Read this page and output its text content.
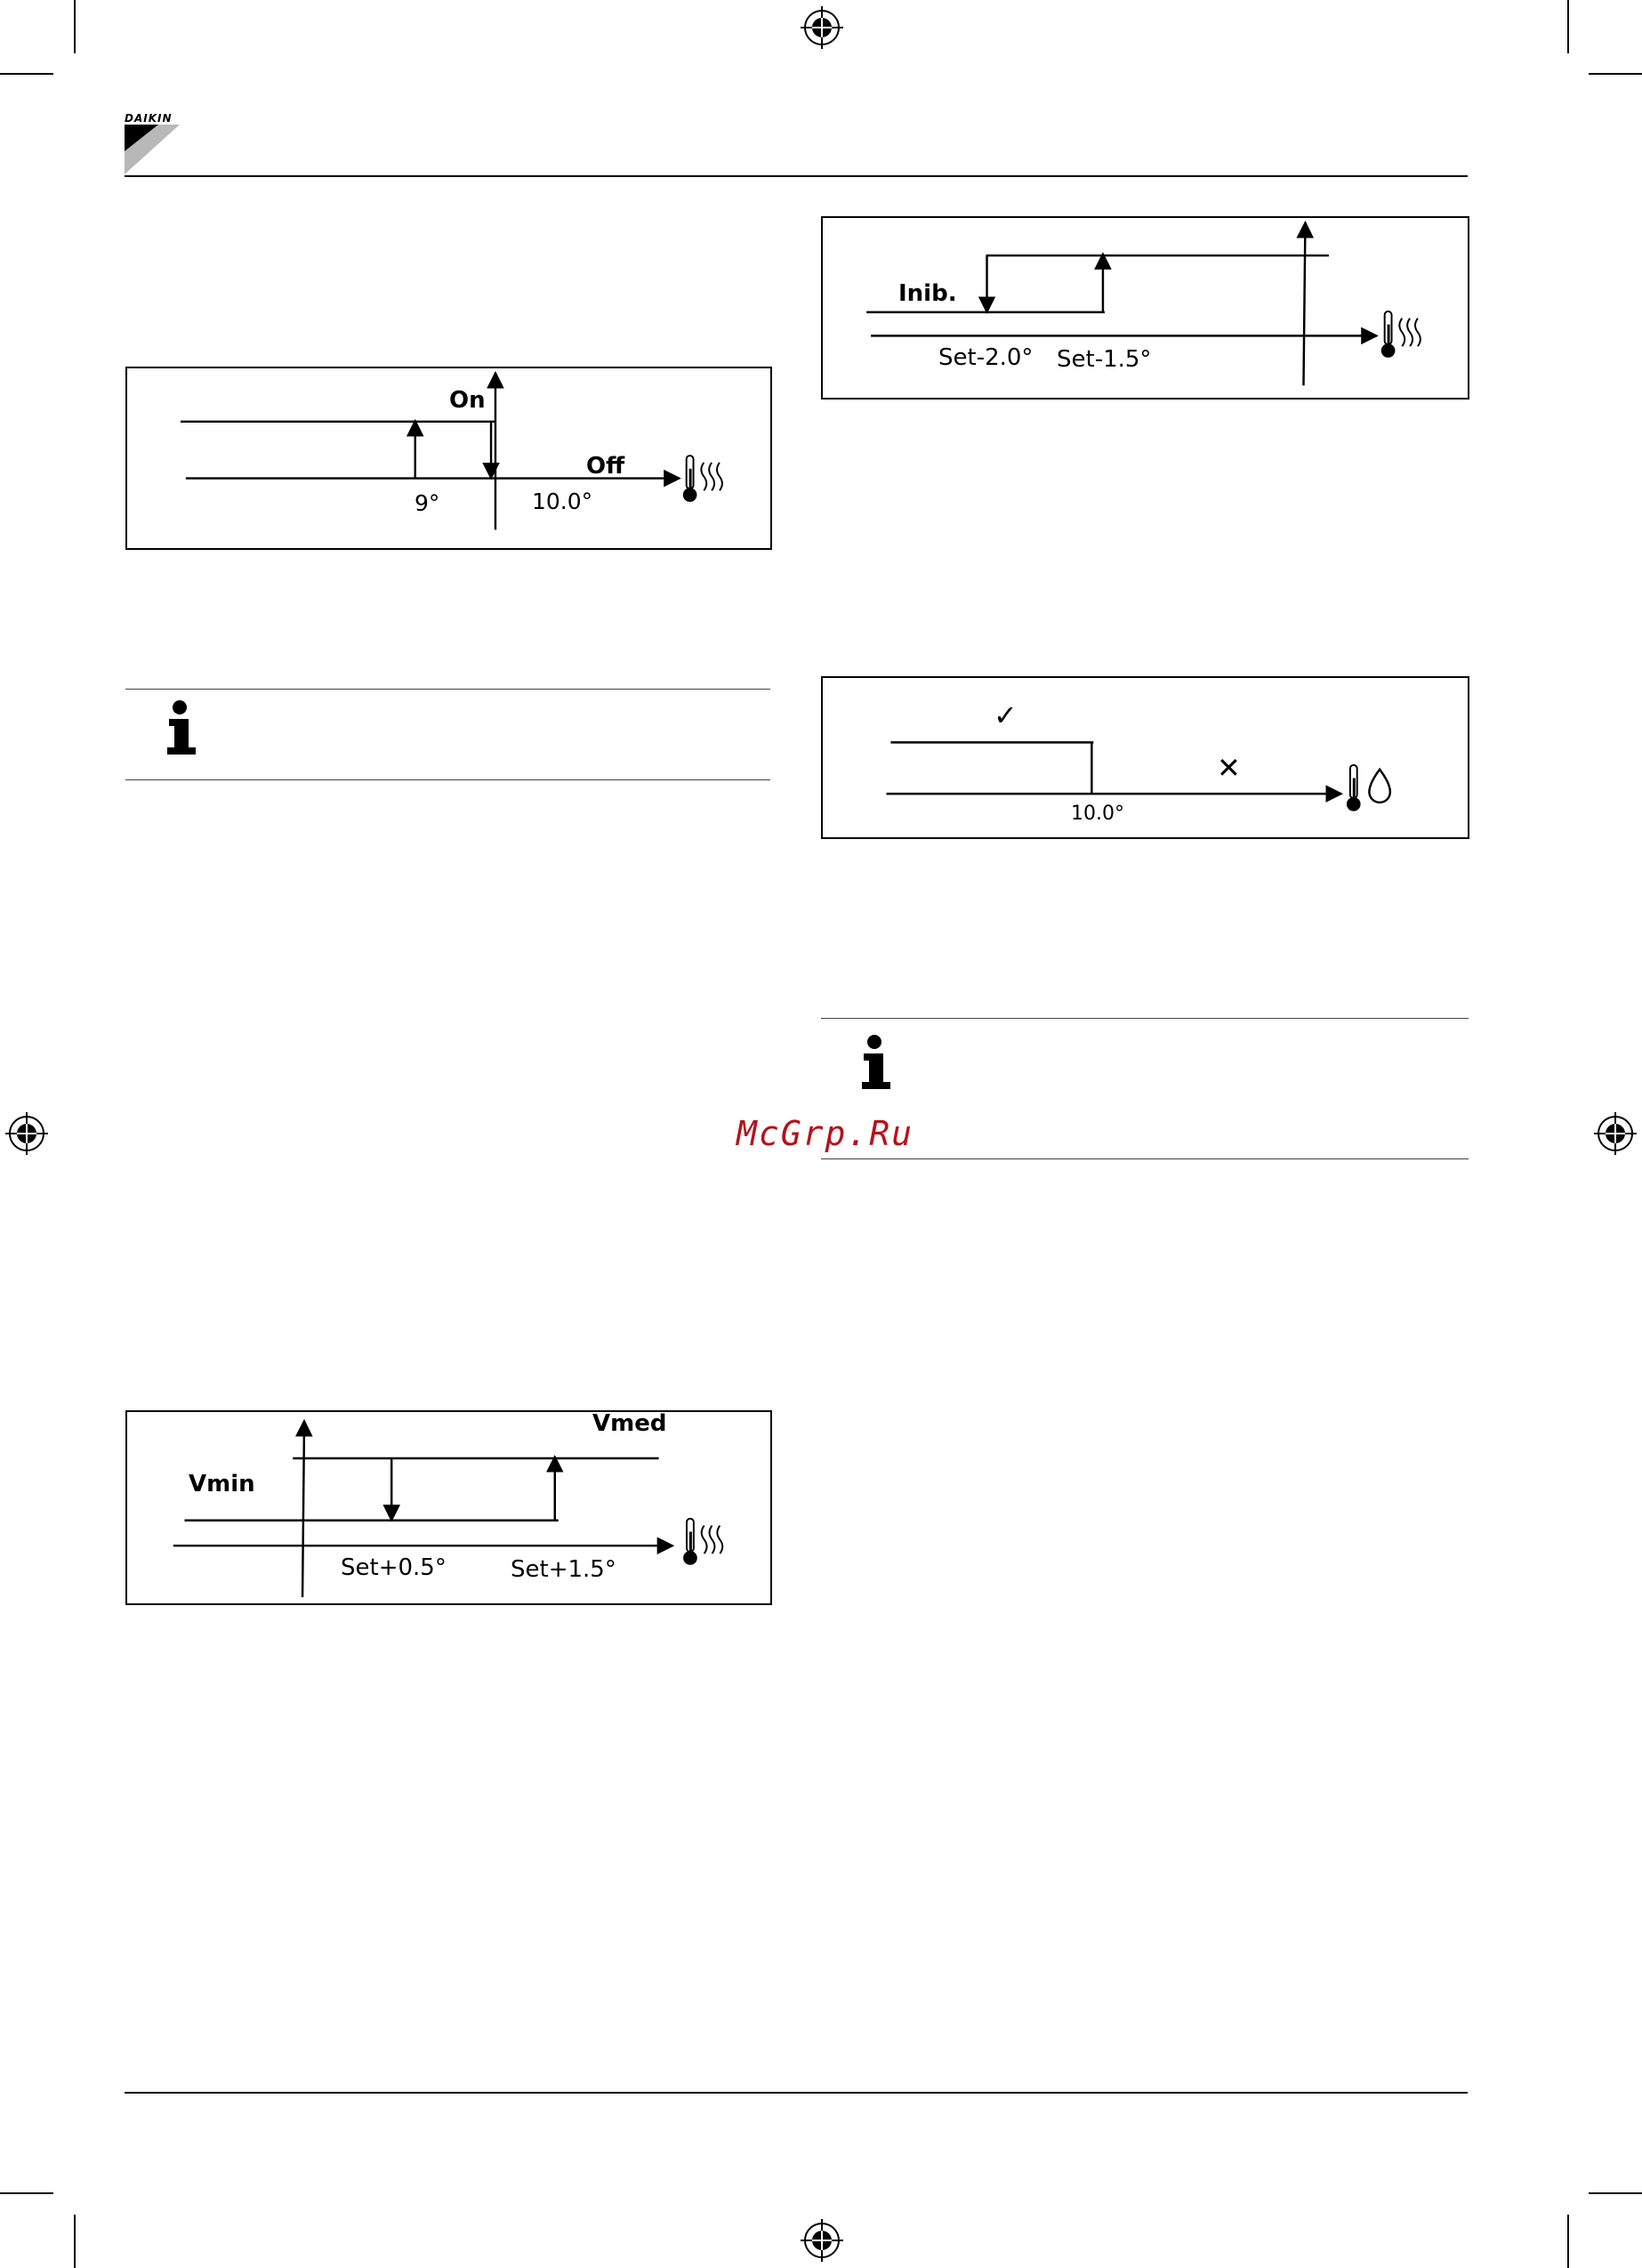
DAIKIN
On
Off
9°	10.0°
Vmin
Vmed
Set+0.5°	Set+1.5°
Inib.
Set-2.0° Set-1.5°
✓
✕
10.0°
McGrp.Ru
